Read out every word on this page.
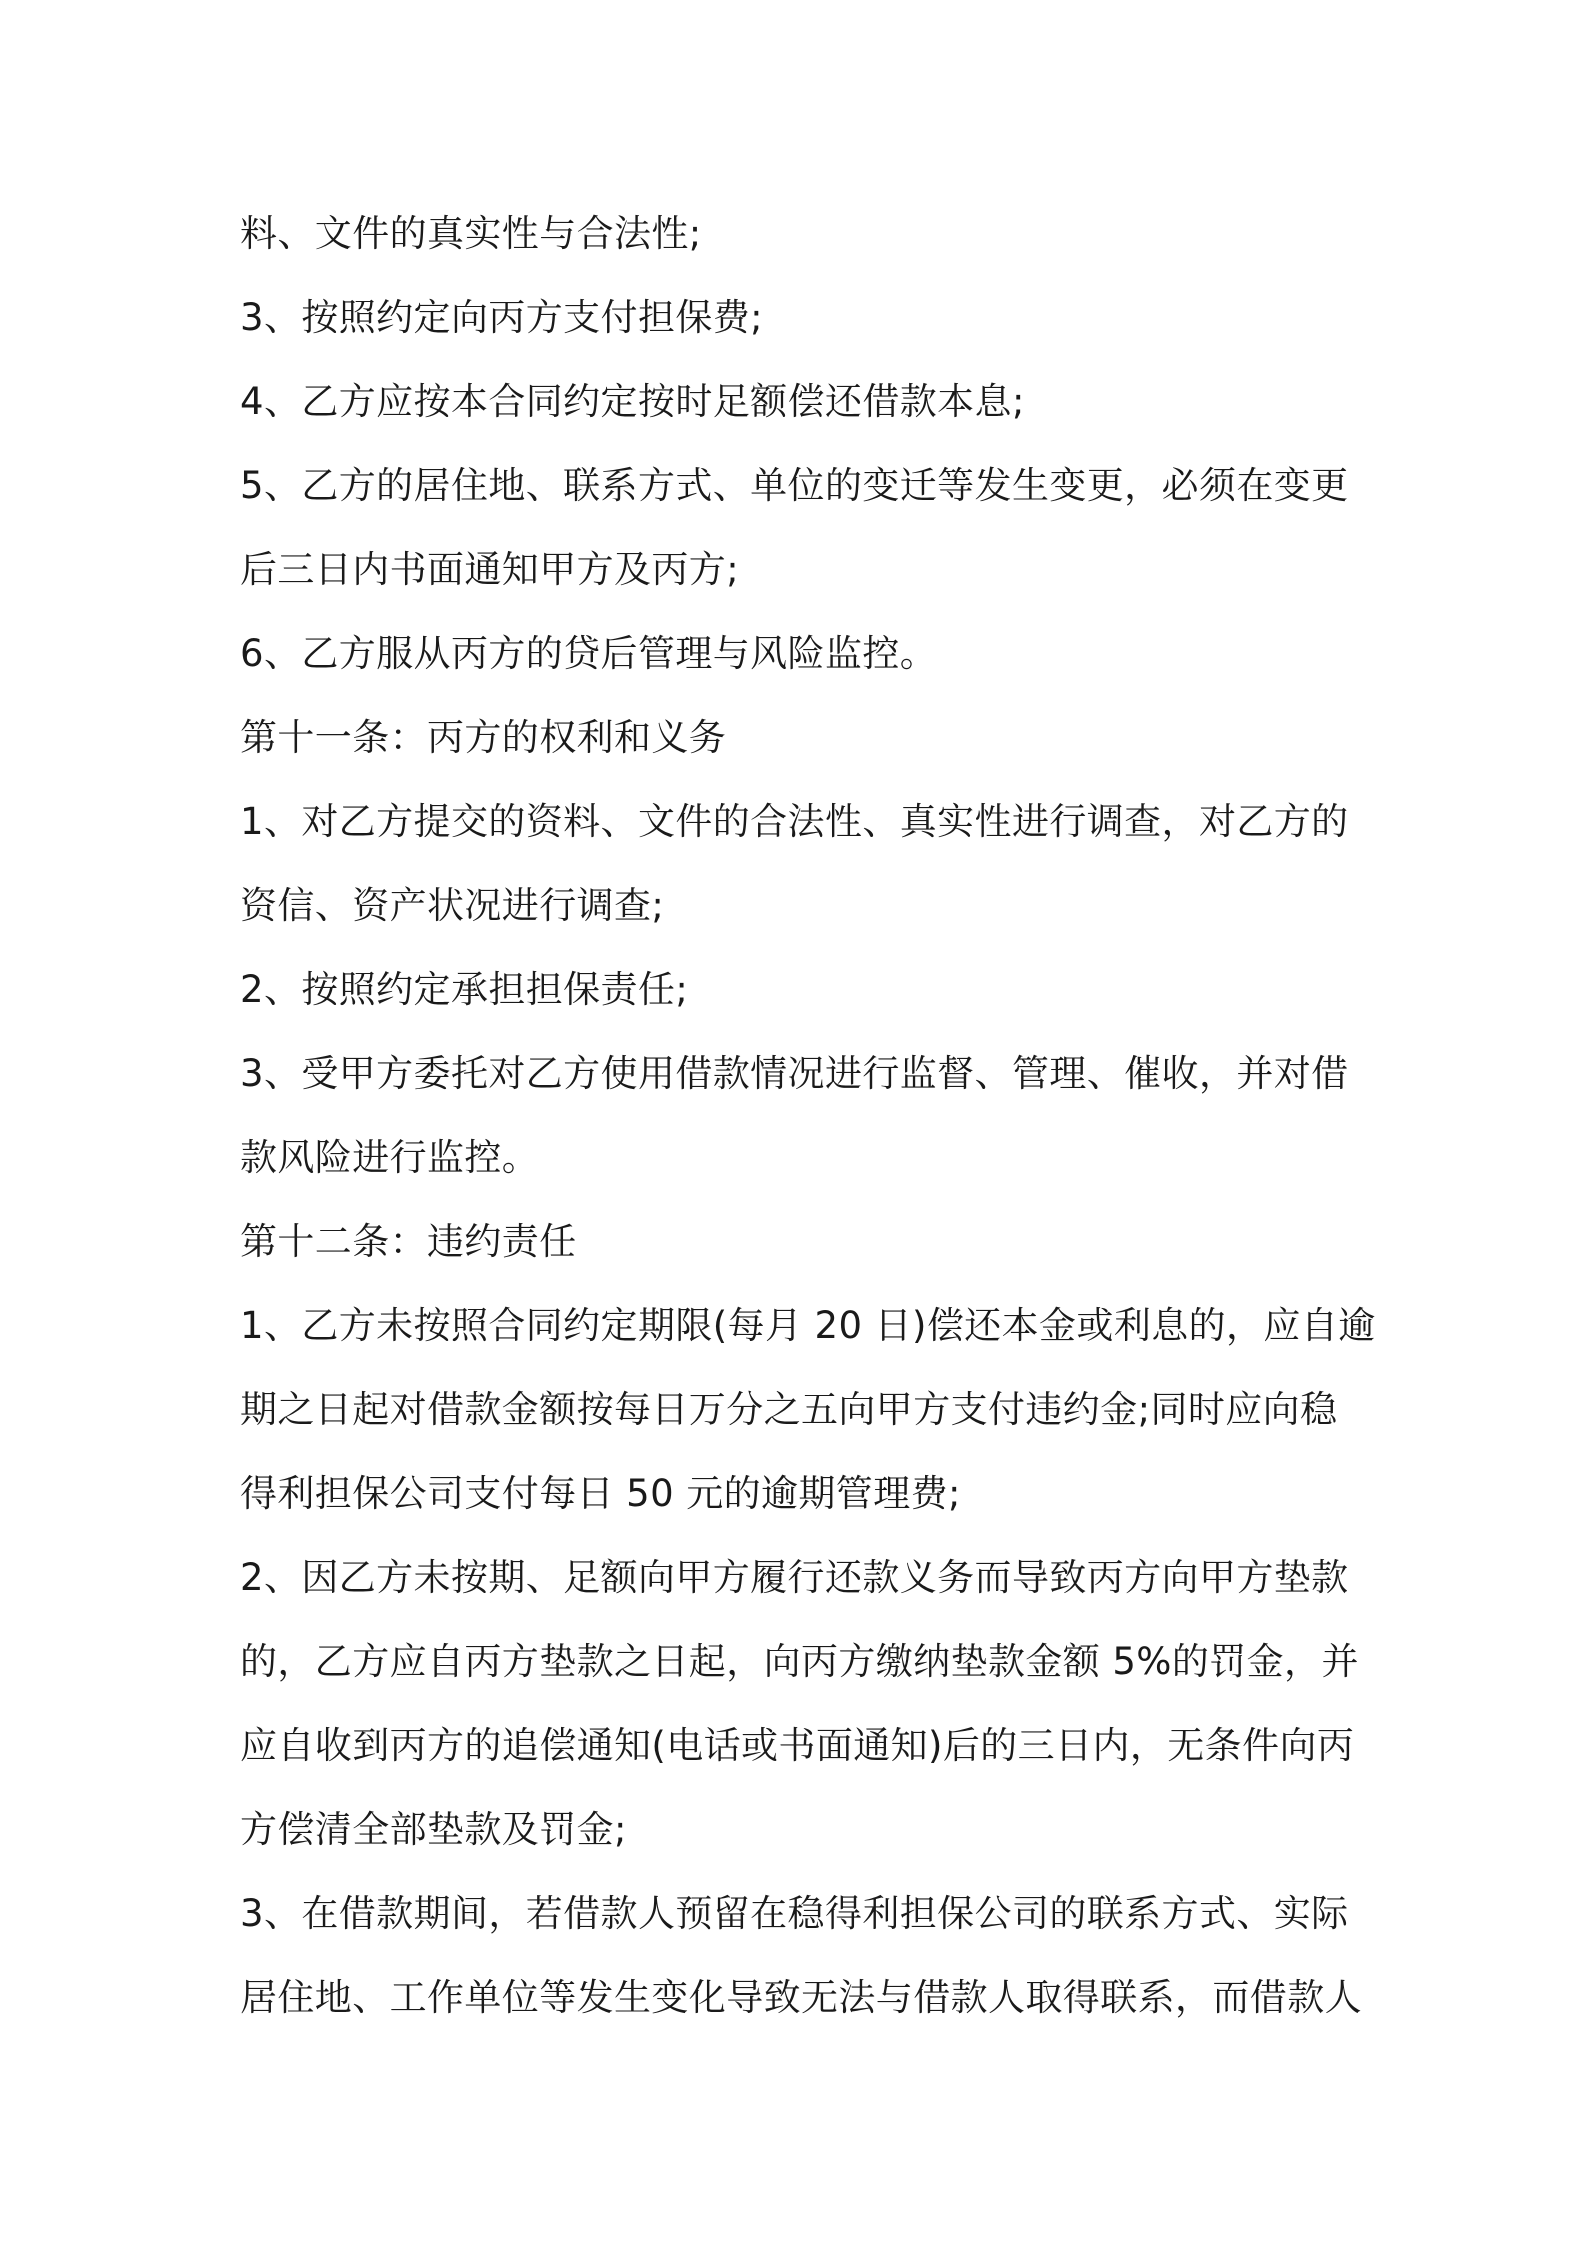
料、文件的真实性与合法性;
3、按照约定向丙方支付担保费;
4、乙方应按本合同约定按时足额偿还借款本息;
5、乙方的居住地、联系方式、单位的变迁等发生变更，必须在变更
后三日内书面通知甲方及丙方;
6、乙方服从丙方的贷后管理与风险监控。
第十一条：丙方的权利和义务
1、对乙方提交的资料、文件的合法性、真实性进行调查，对乙方的
资信、资产状况进行调查;
2、按照约定承担担保责任;
3、受甲方委托对乙方使用借款情况进行监督、管理、催收，并对借
款风险进行监控。
第十二条：违约责任
1、乙方未按照合同约定期限(每月 20 日)偿还本金或利息的，应自逾
期之日起对借款金额按每日万分之五向甲方支付违约金;同时应向稳
得利担保公司支付每日 50 元的逾期管理费;
2、因乙方未按期、足额向甲方履行还款义务而导致丙方向甲方垫款
的，乙方应自丙方垫款之日起，向丙方缴纳垫款金额 5%的罚金，并
应自收到丙方的追偿通知(电话或书面通知)后的三日内，无条件向丙
方偿清全部垫款及罚金;
3、在借款期间，若借款人预留在稳得利担保公司的联系方式、实际
居住地、工作单位等发生变化导致无法与借款人取得联系，而借款人
